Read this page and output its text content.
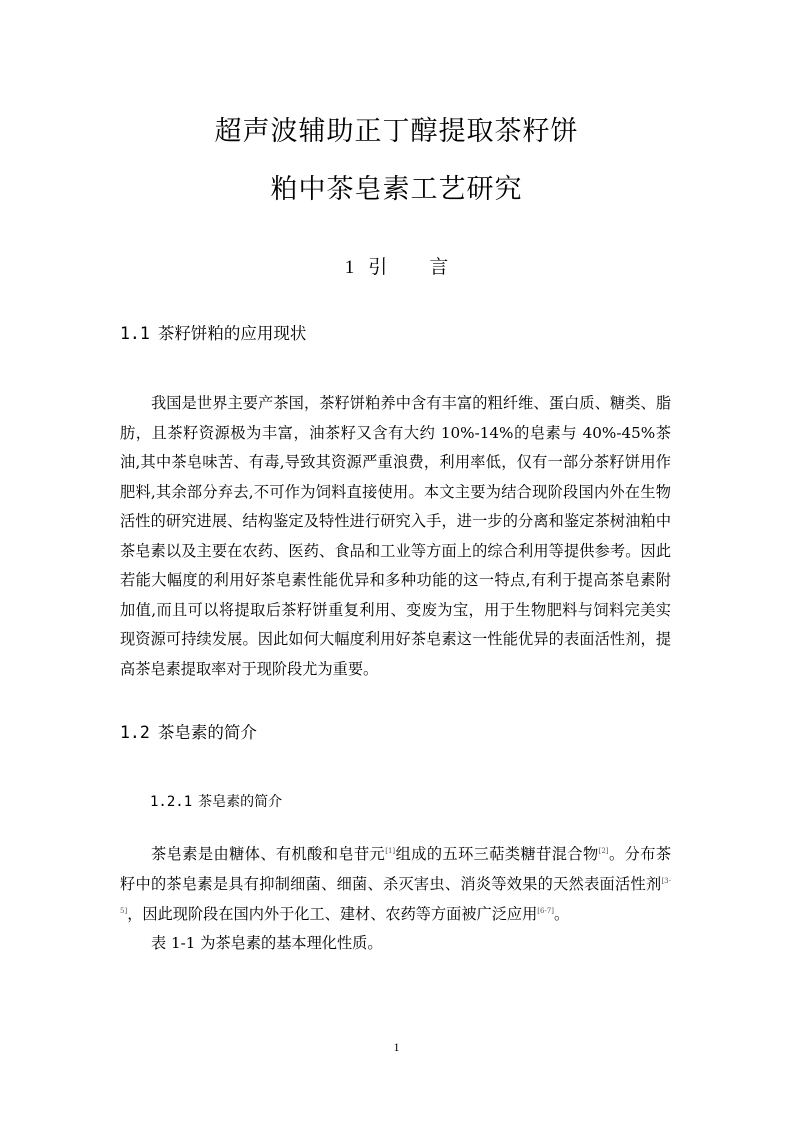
超声波辅助正丁醇提取茶籽饼
粕中茶皂素工艺研究
1 引 言
1.1 茶籽饼粕的应用现状
我国是世界主要产茶国，茶籽饼粕养中含有丰富的粗纤维、蛋白质、糖类、脂肪，且茶籽资源极为丰富，油茶籽又含有大约 10%-14%的皂素与 40%-45%茶油,其中茶皂味苦、有毒,导致其资源严重浪费，利用率低，仅有一部分茶籽饼用作肥料,其余部分弃去,不可作为饲料直接使用。本文主要为结合现阶段国内外在生物活性的研究进展、结构鉴定及特性进行研究入手，进一步的分离和鉴定茶树油粕中茶皂素以及主要在农药、医药、食品和工业等方面上的综合利用等提供参考。因此若能大幅度的利用好茶皂素性能优异和多种功能的这一特点,有利于提高茶皂素附加值,而且可以将提取后茶籽饼重复利用、变废为宝，用于生物肥料与饲料完美实现资源可持续发展。因此如何大幅度利用好茶皂素这一性能优异的表面活性剂，提高茶皂素提取率对于现阶段尤为重要。
1.2 茶皂素的简介
1.2.1 茶皂素的简介
茶皂素是由糖体、有机酸和皂苷元[1]组成的五环三萜类糖苷混合物[2]。分布茶籽中的茶皂素是具有抑制细菌、细菌、杀灭害虫、消炎等效果的天然表面活性剂[3-5]，因此现阶段在国内外于化工、建材、农药等方面被广泛应用[6-7]。
表 1-1 为茶皂素的基本理化性质。
1
